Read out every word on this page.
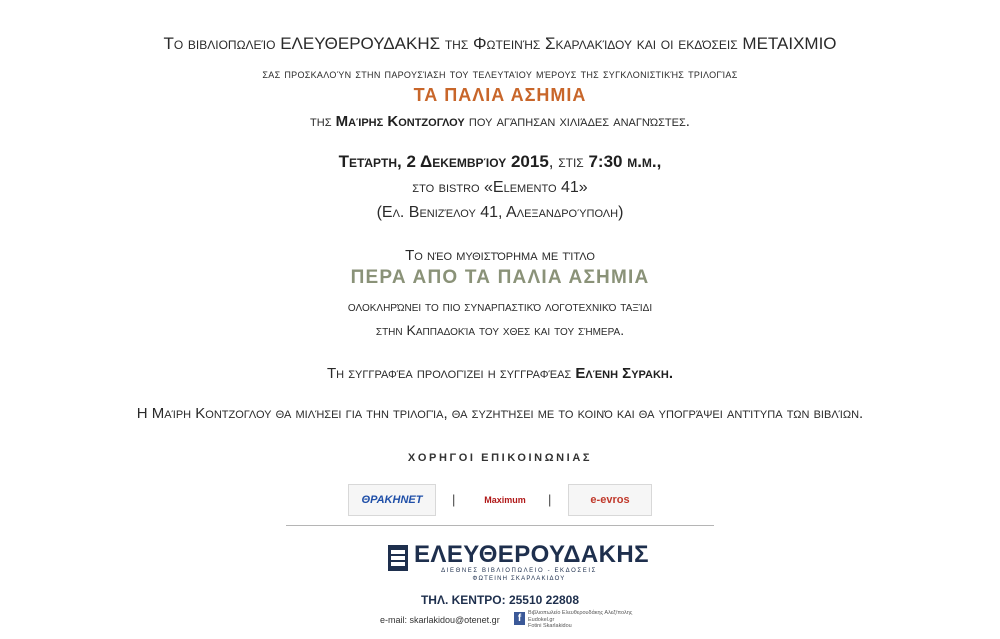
Το βιβλιοπωλείο ΕΛΕΥΘΕΡΟΥΔΑΚΗΣ της Φωτεινής Σκαρλακίδου και οι εκδόσεις ΜΕΤΑΙΧΜΙΟ
σας προσκαλούν στην παρουσίαση του τελευταίου μέρους της συγκλονιστικής τριλογίας
ΤΑ ΠΑΛΙΑ ΑΣΗΜΙΑ
της Μαίρης Κοντζογλου που αγάπησαν χιλιάδες αναγνώστες.
Τετάρτη, 2 Δεκεμβρίου 2015, στις 7:30 μ.μ.,
στο bistro «Elemento 41»
(Ελ. Βενιζέλου 41, Αλεξανδρούπολη)
Το νέο μυθιστόρημα με τίτλο
ΠΕΡΑ ΑΠΟ ΤΑ ΠΑΛΙΑ ΑΣΗΜΙΑ
ολοκληρώνει το πιο συναρπαστικό λογοτεχνικό ταξίδι
στην Καππαδοκία του χθες και του σήμερα.
Τη συγγραφέα προλογίζει η συγγραφέας Ελένη Συρακη.
Η Μαίρη Κοντζογλου θα μιλήσει για την τριλογία, θα συζητήσει με το κοινό και θα υπογράψει αντίτυπα των βιβλίων.
ΧΟΡΗΓΟΙ ΕΠΙΚΟΙΝΩΝΙΑΣ
ΘΡΑΚΗΝΕΤ	|	Maximum	|	e-evros
ΕΛΕΥΘΕΡΟΥΔΑΚΗΣ
ΔΙΕΘΝΕΣ ΒΙΒΛΙΟΠΩΛΕΙΟ - ΕΚΔΟΣΕΙΣ
ΦΩΤΕΙΝΗ ΣΚΑΡΛΑΚΙΔΟΥ
ΤΗΛ. ΚΕΝΤΡΟ: 25510 22808
e-mail: skarlakidou@otenet.gr	f	Βιβλιοπωλείο Ελευθερουδάκης Αλεξ/πολης
Eudokel.gr
Fotini Skarlakidou
